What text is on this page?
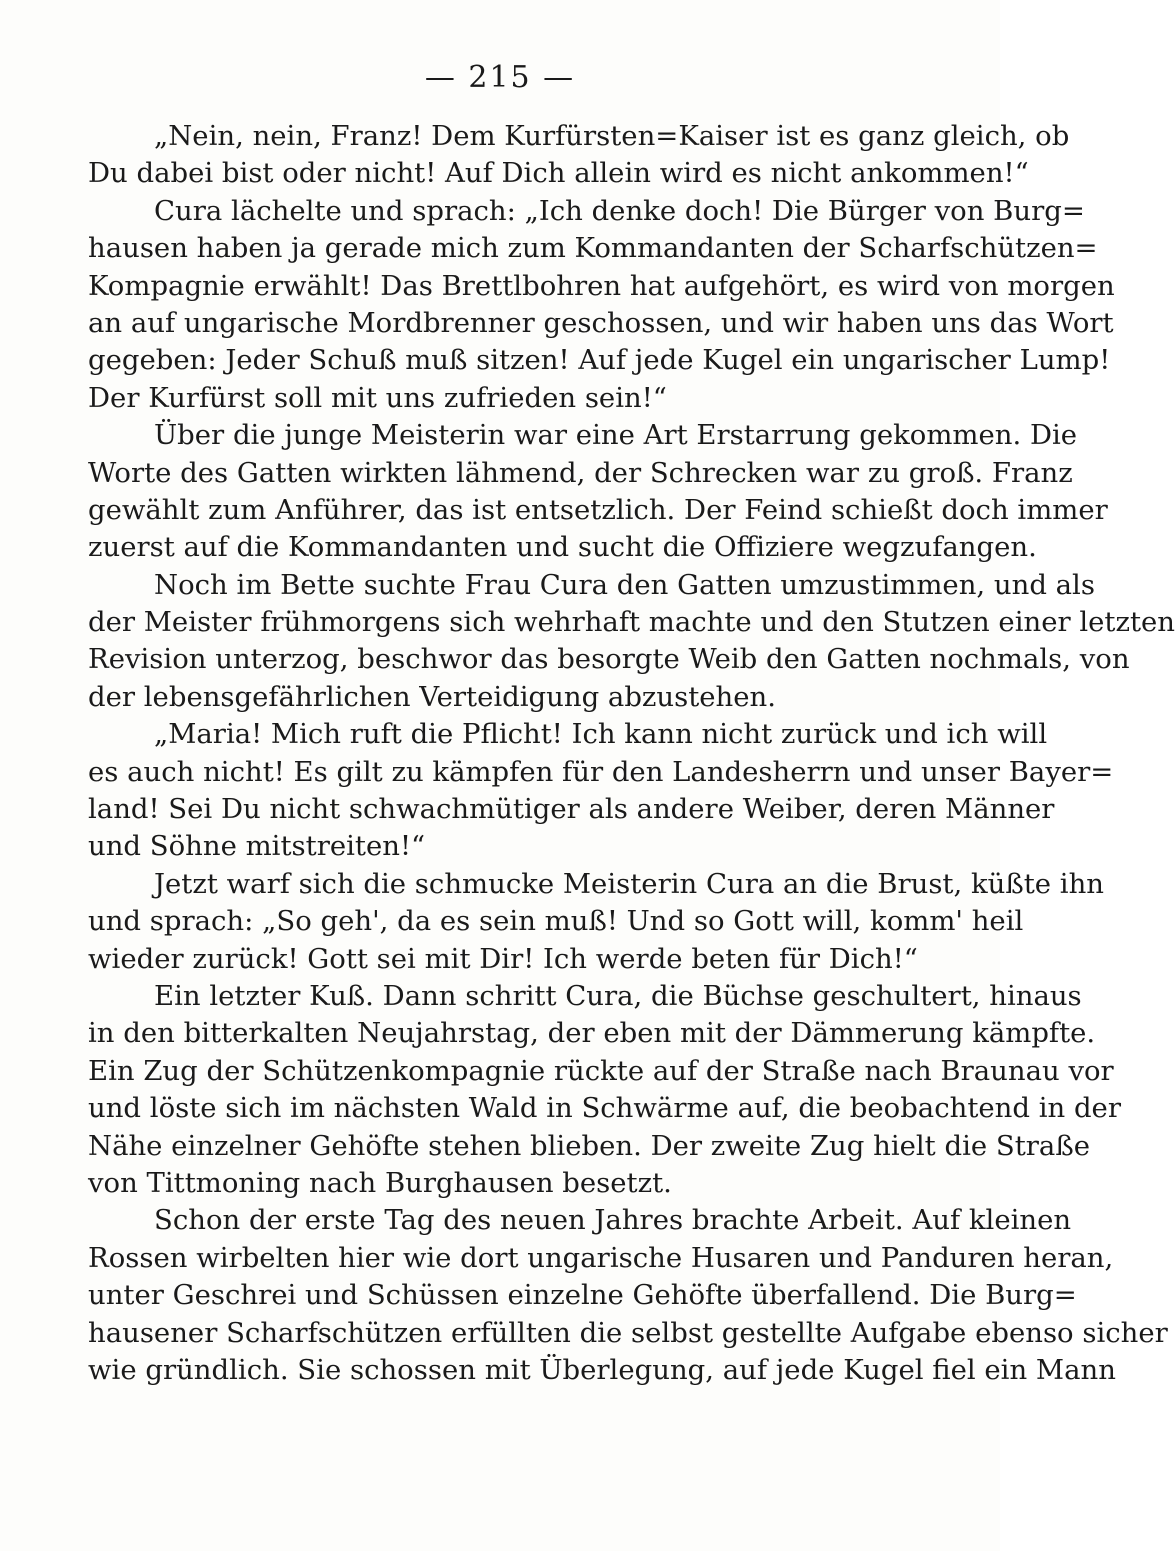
— 215 —
„Nein, nein, Franz! Dem Kurfürsten=Kaiser ist es ganz gleich, ob
Du dabei bist oder nicht! Auf Dich allein wird es nicht ankommen!“
Cura lächelte und sprach: „Ich denke doch! Die Bürger von Burg=
hausen haben ja gerade mich zum Kommandanten der Scharfschützen=
Kompagnie erwählt! Das Brettlbohren hat aufgehört, es wird von morgen
an auf ungarische Mordbrenner geschossen, und wir haben uns das Wort
gegeben: Jeder Schuß muß sitzen! Auf jede Kugel ein ungarischer Lump!
Der Kurfürst soll mit uns zufrieden sein!“
Über die junge Meisterin war eine Art Erstarrung gekommen. Die
Worte des Gatten wirkten lähmend, der Schrecken war zu groß. Franz
gewählt zum Anführer, das ist entsetzlich. Der Feind schießt doch immer
zuerst auf die Kommandanten und sucht die Offiziere wegzufangen.
Noch im Bette suchte Frau Cura den Gatten umzustimmen, und als
der Meister frühmorgens sich wehrhaft machte und den Stutzen einer letzten
Revision unterzog, beschwor das besorgte Weib den Gatten nochmals, von
der lebensgefährlichen Verteidigung abzustehen.
„Maria! Mich ruft die Pflicht! Ich kann nicht zurück und ich will
es auch nicht! Es gilt zu kämpfen für den Landesherrn und unser Bayer=
land! Sei Du nicht schwachmütiger als andere Weiber, deren Männer
und Söhne mitstreiten!“
Jetzt warf sich die schmucke Meisterin Cura an die Brust, küßte ihn
und sprach: „So geh', da es sein muß! Und so Gott will, komm' heil
wieder zurück! Gott sei mit Dir! Ich werde beten für Dich!“
Ein letzter Kuß. Dann schritt Cura, die Büchse geschultert, hinaus
in den bitterkalten Neujahrstag, der eben mit der Dämmerung kämpfte.
Ein Zug der Schützenkompagnie rückte auf der Straße nach Braunau vor
und löste sich im nächsten Wald in Schwärme auf, die beobachtend in der
Nähe einzelner Gehöfte stehen blieben. Der zweite Zug hielt die Straße
von Tittmoning nach Burghausen besetzt.
Schon der erste Tag des neuen Jahres brachte Arbeit. Auf kleinen
Rossen wirbelten hier wie dort ungarische Husaren und Panduren heran,
unter Geschrei und Schüssen einzelne Gehöfte überfallend. Die Burg=
hausener Scharfschützen erfüllten die selbst gestellte Aufgabe ebenso sicher
wie gründlich. Sie schossen mit Überlegung, auf jede Kugel fiel ein Mann
